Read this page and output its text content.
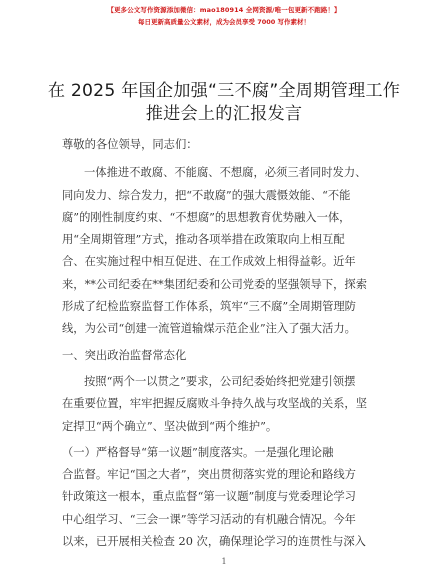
【更多公文写作资源添加微信：mao180914 全网资源/唯一包更新不跑路！】
每日更新高质量公文素材，成为会员享受 7000 写作素材！
在 2025 年国企加强“三不腐”全周期管理工作
推进会上的汇报发言

尊敬的各位领导，同志们：

一体推进不敢腐、不能腐、不想腐，必须三者同时发力、

同向发力、综合发力，把“不敢腐”的强大震慑效能、“不能

腐”的刚性制度约束、“不想腐”的思想教育优势融入一体，

用“全周期管理”方式，推动各项举措在政策取向上相互配

合、在实施过程中相互促进、在工作成效上相得益彰。近年

来，**公司纪委在**集团纪委和公司党委的坚强领导下，探索

形成了纪检监察监督工作体系，筑牢“三不腐”全周期管理防

线，为公司“创建一流管道输煤示范企业”注入了强大活力。

一、突出政治监督常态化

按照“两个一以贯之”要求，公司纪委始终把党建引领摆

在重要位置，牢牢把握反腐败斗争持久战与攻坚战的关系，坚

定捍卫“两个确立”、坚决做到“两个维护”。

（一）严格督导“第一议题”制度落实。一是强化理论融

合监督。牢记“国之大者”，突出贯彻落实党的理论和路线方

针政策这一根本，重点监督“第一议题”制度与党委理论学习

中心组学习、“三会一课”等学习活动的有机融合情况。今年

以来，已开展相关检查 20 次，确保理论学习的连贯性与深入

1
